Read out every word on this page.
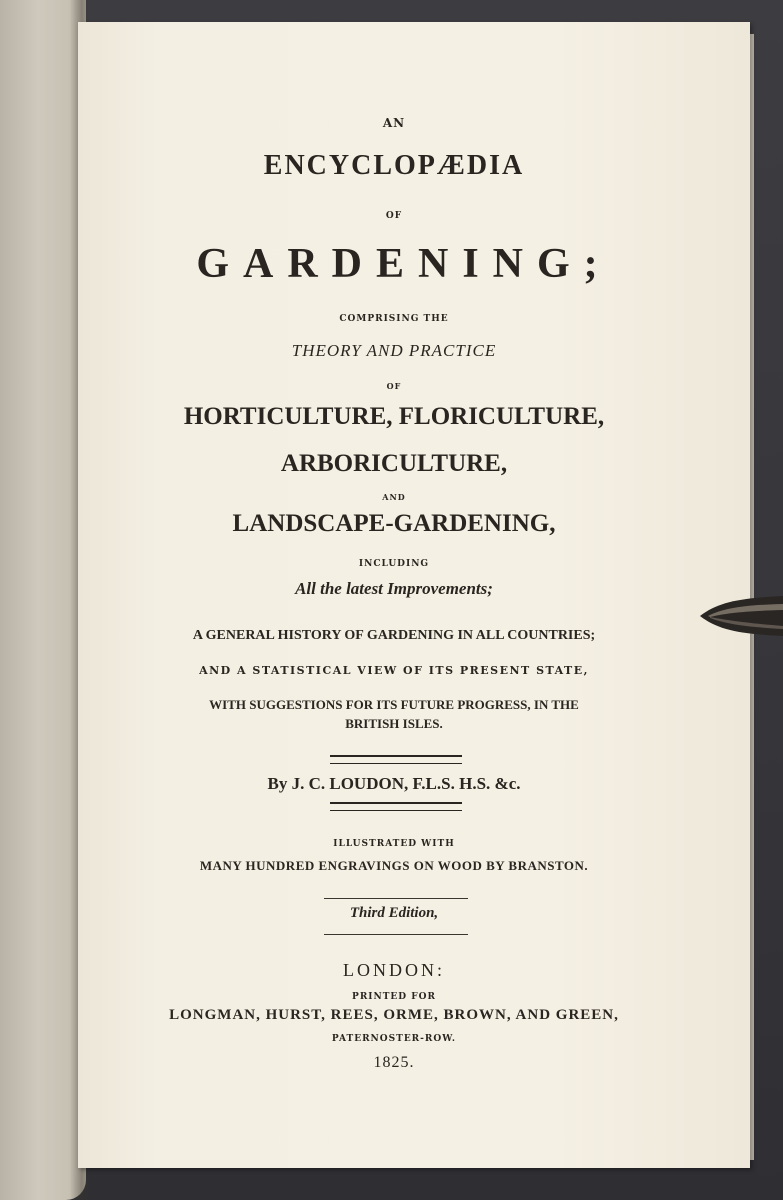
AN

ENCYCLOPÆDIA

OF

GARDENING;

COMPRISING THE

THEORY AND PRACTICE

OF

HORTICULTURE, FLORICULTURE,

ARBORICULTURE,

AND

LANDSCAPE-GARDENING,

INCLUDING

All the latest Improvements;

A GENERAL HISTORY OF GARDENING IN ALL COUNTRIES;

AND A STATISTICAL VIEW OF ITS PRESENT STATE,

WITH SUGGESTIONS FOR ITS FUTURE PROGRESS, IN THE

BRITISH ISLES.

By J. C. LOUDON, F.L.S. H.S. &c.

ILLUSTRATED WITH

MANY HUNDRED ENGRAVINGS ON WOOD BY BRANSTON.

Third Edition,

LONDON:

PRINTED FOR

LONGMAN, HURST, REES, ORME, BROWN, AND GREEN,

PATERNOSTER-ROW.

1825.
